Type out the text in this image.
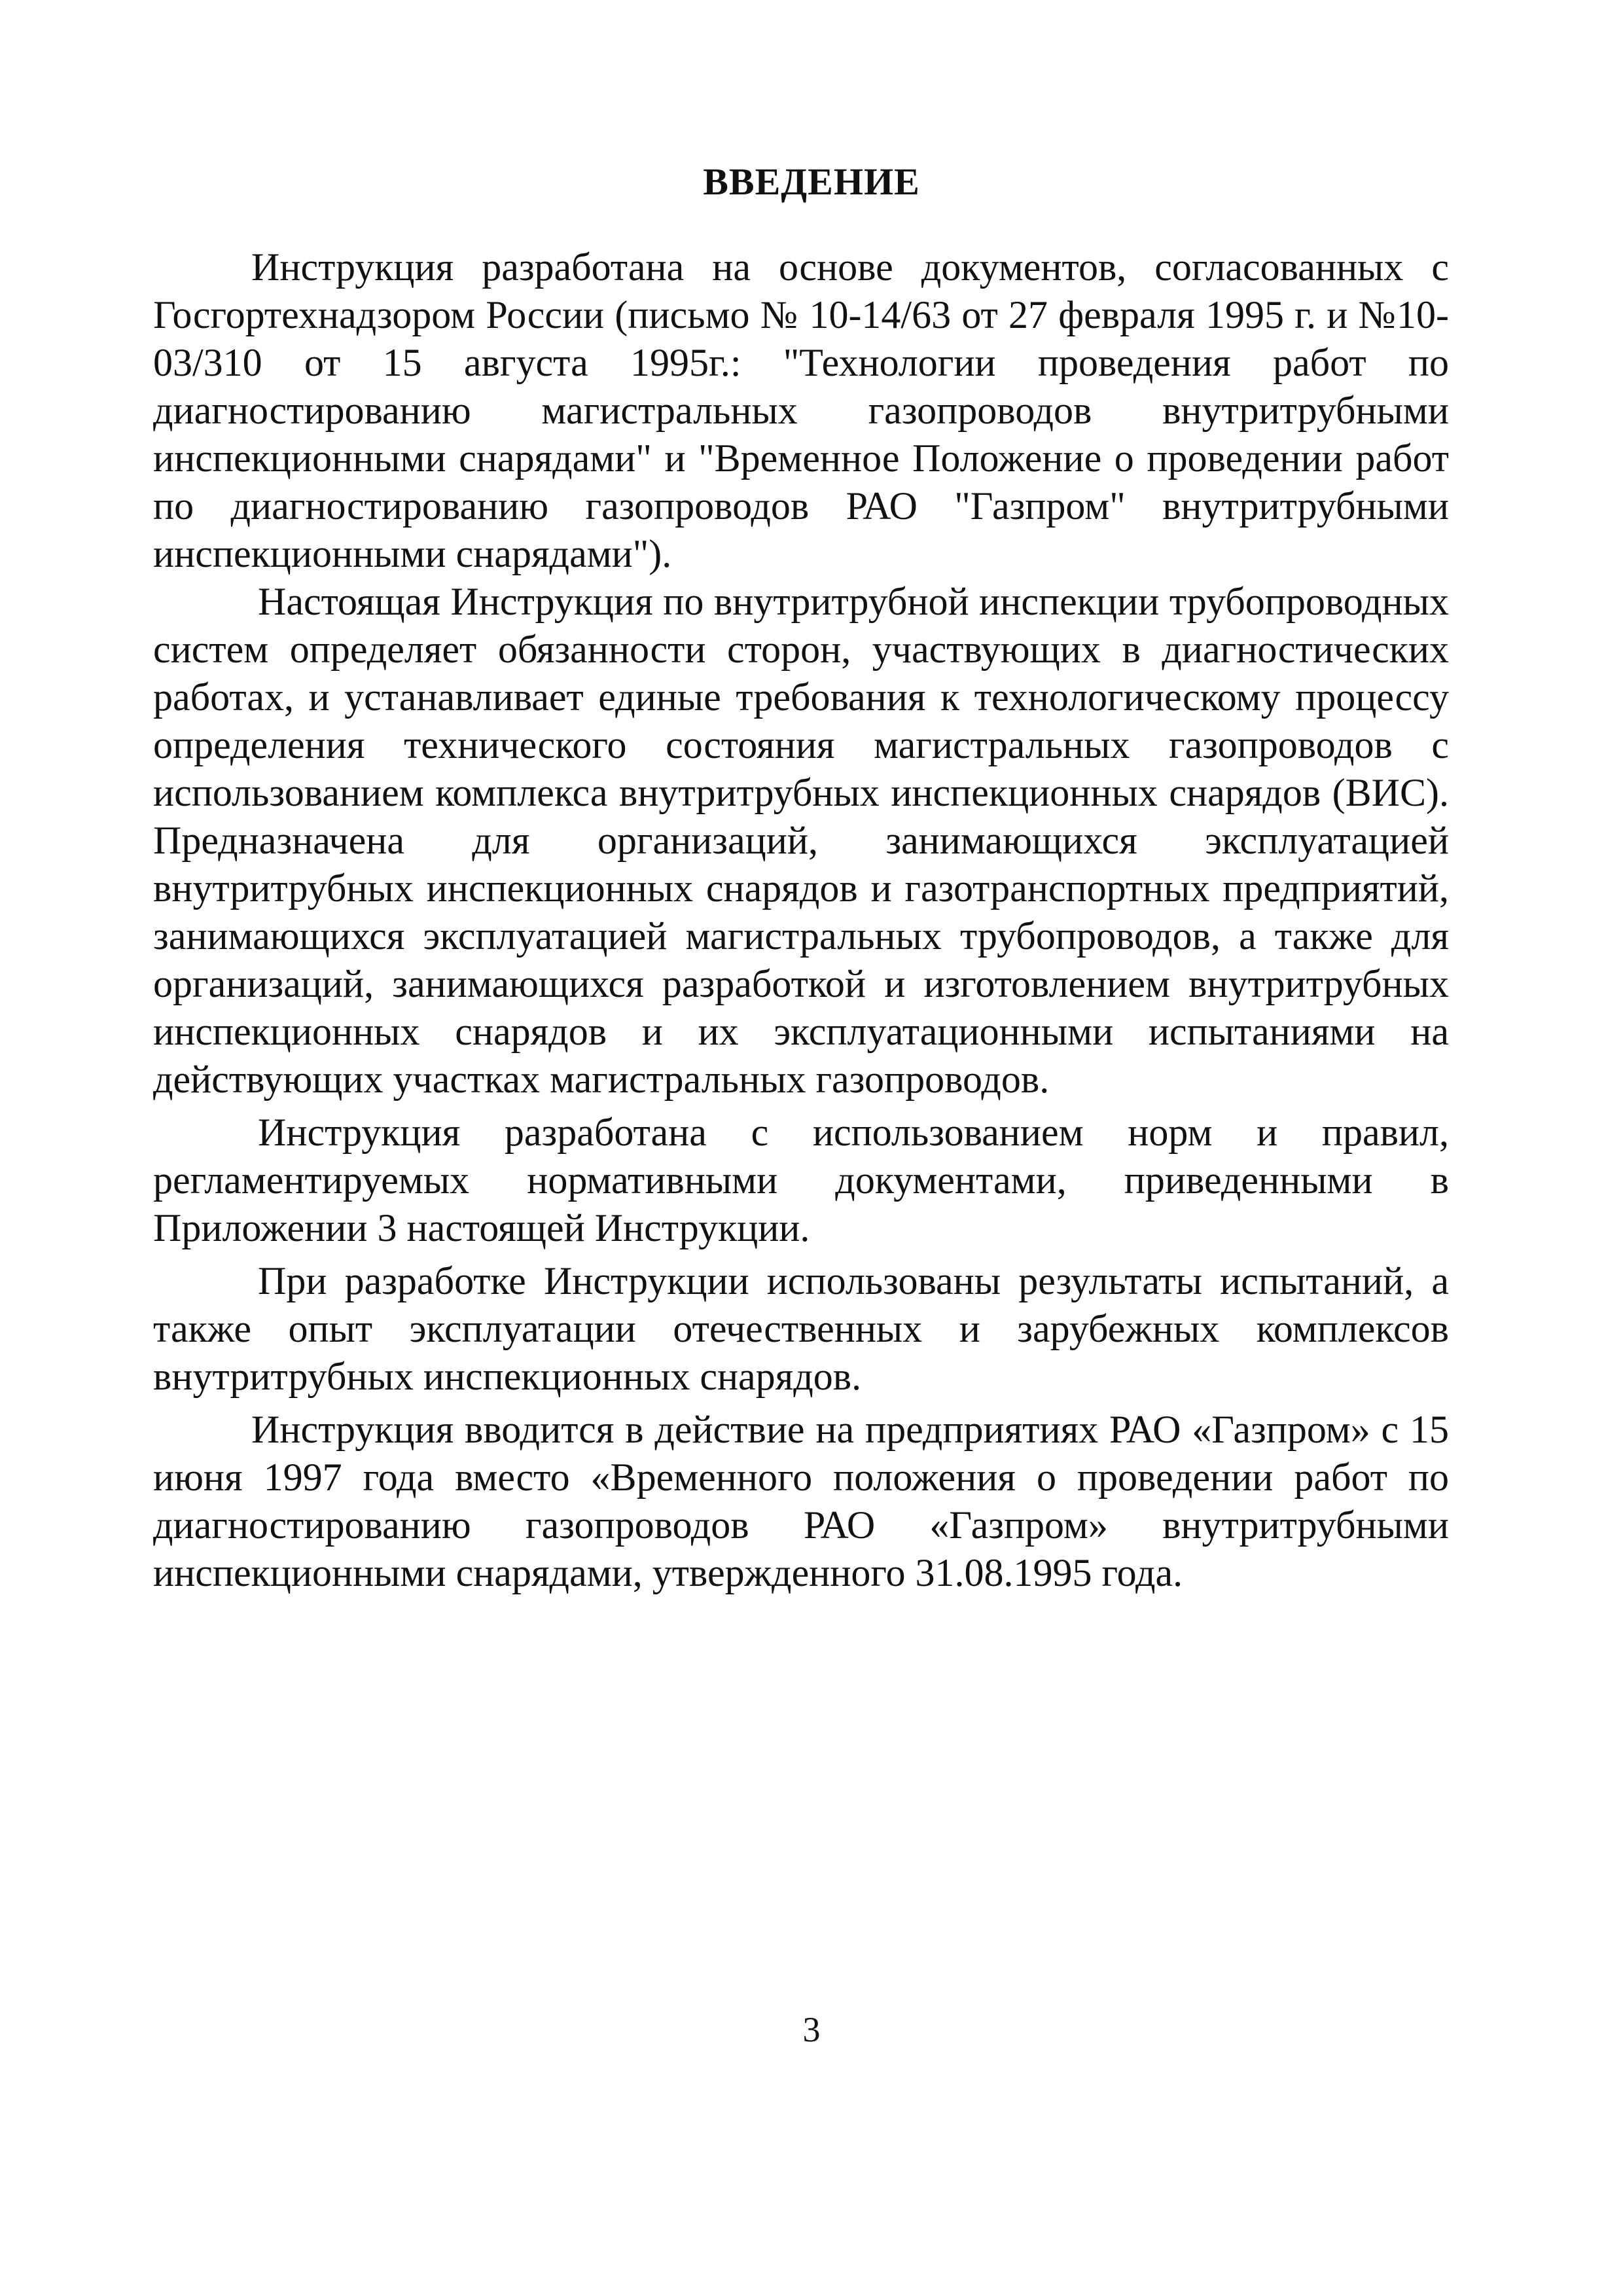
ВВЕДЕНИЕ

Инструкция разработана на основе документов, согласованных с Госгортехнадзором России (письмо № 10-14/63 от 27 февраля 1995 г. и №10-03/310 от 15 августа 1995г.: "Технологии проведения работ по диагностированию магистральных газопроводов внутритрубными инспекционными снарядами" и "Временное Положение о проведении работ по диагностированию газопроводов РАО "Газпром" внутритрубными инспекционными снарядами").

Настоящая Инструкция по внутритрубной инспекции трубопроводных систем определяет обязанности сторон, участвующих в диагностических работах, и устанавливает единые требования к технологическому процессу определения технического состояния магистральных газопроводов с использованием комплекса внутритрубных инспекционных снарядов (ВИС). Предназначена для организаций, занимающихся эксплуатацией внутритрубных инспекционных снарядов и газотранспортных предприятий, занимающихся эксплуатацией магистральных трубопроводов, а также для организаций, занимающихся разработкой и изготовлением внутритрубных инспекционных снарядов и их эксплуатационными испытаниями на действующих участках магистральных газопроводов.

Инструкция разработана с использованием норм и правил, регламентируемых нормативными документами, приведенными в Приложении 3 настоящей Инструкции.

При разработке Инструкции использованы результаты испытаний, а также опыт эксплуатации отечественных и зарубежных комплексов внутритрубных инспекционных снарядов.

Инструкция вводится в действие на предприятиях РАО «Газпром» с 15 июня 1997 года вместо «Временного положения о проведении работ по диагностированию газопроводов РАО «Газпром» внутритрубными инспекционными снарядами, утвержденного 31.08.1995 года.

3
